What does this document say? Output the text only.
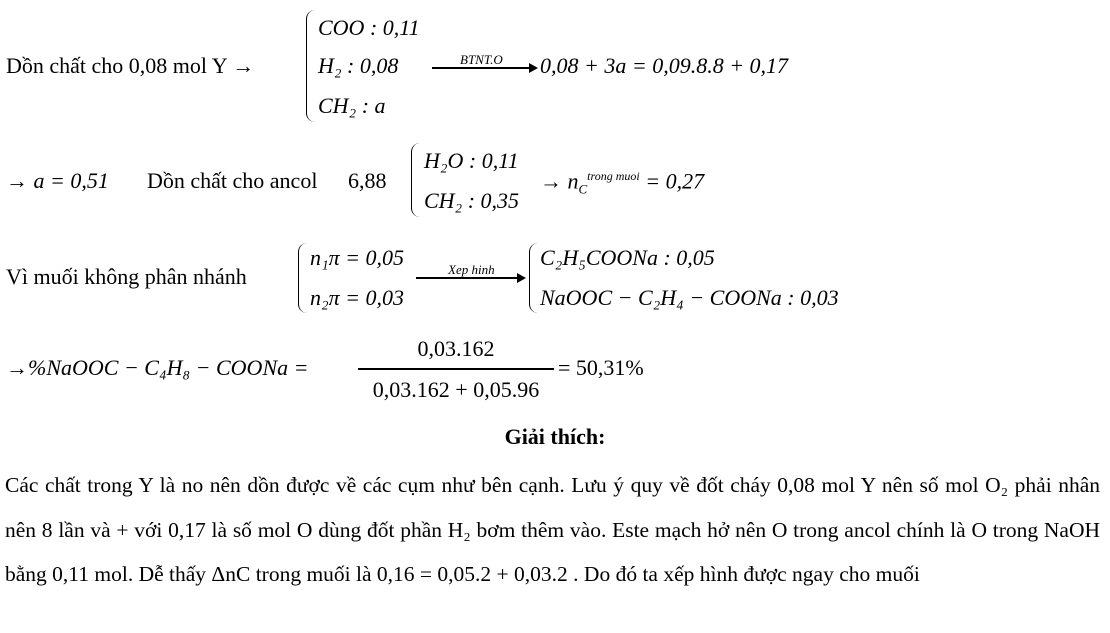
Dồn chất cho 0,08 mol Y →
COO : 0,11
H₂ : 0,08
CH₂ : a
BTNT.O 0,08 + 3a = 0,09.8.8 + 0,17
→ a = 0,51 Dồn chất cho ancol 6,88
H₂O : 0,11
CH₂ : 0,35
→ $n_C^{trong muoi} = 0,27$
Vì muối không phân nhánh
n₁π = 0,05
n₂π = 0,03
Xep hinh C₂H₅COONa : 0,05
NaOOC − C₂H₄ − COONa : 0,03
→%NaOOC − C₄H₈ − COONa =
0,03.162
0,03.162 + 0,05.96
= 50,31%
Giải thích:
Các chất trong Y là no nên dồn được về các cụm như bên cạnh. Lưu ý quy về đốt cháy 0,08 mol Y nên số mol O₂ phải nhân nên 8 lần và + với 0,17 là số mol O dùng đốt phần H₂ bơm thêm vào. Este mạch hở nên O trong ancol chính là O trong NaOH bằng 0,11 mol. Dễ thấy ΔnC trong muối là 0,16 = 0,05.2 + 0,03.2 . Do đó ta xếp hình được ngay cho muối
